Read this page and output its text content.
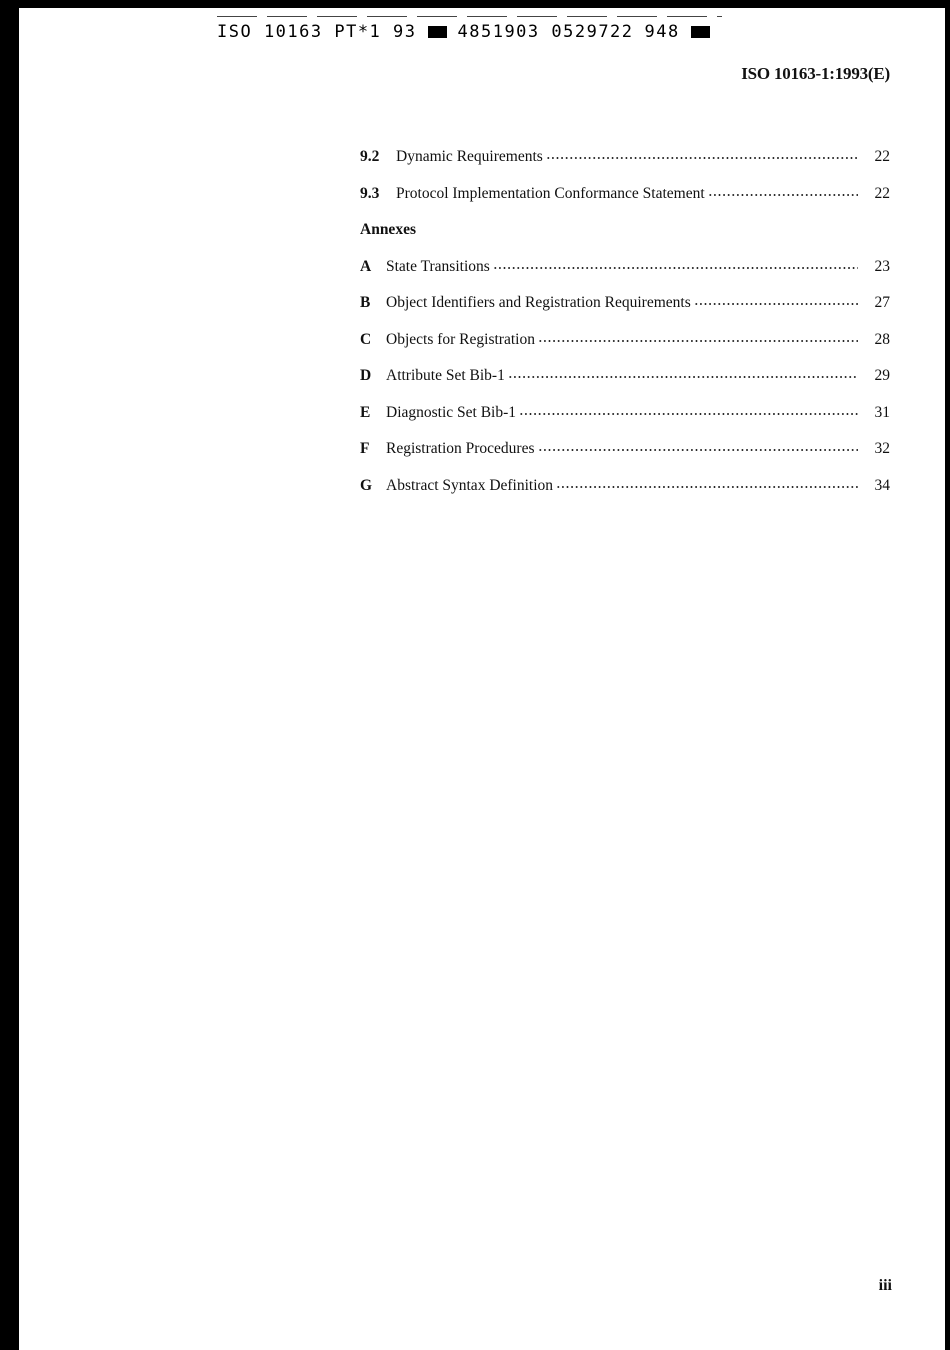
ISO 10163 PT*1 93 4851903 0529722 948
ISO 10163-1:1993(E)
9.2	Dynamic Requirements	22
9.3	Protocol Implementation Conformance Statement	22
Annexes
A State Transitions	23
B	Object Identifiers and Registration Requirements	27
C Objects for Registration	28
D Attribute Set Bib-1	29
E	Diagnostic Set Bib-1	31
F	Registration Procedures	32
G Abstract Syntax Definition	34
iii
